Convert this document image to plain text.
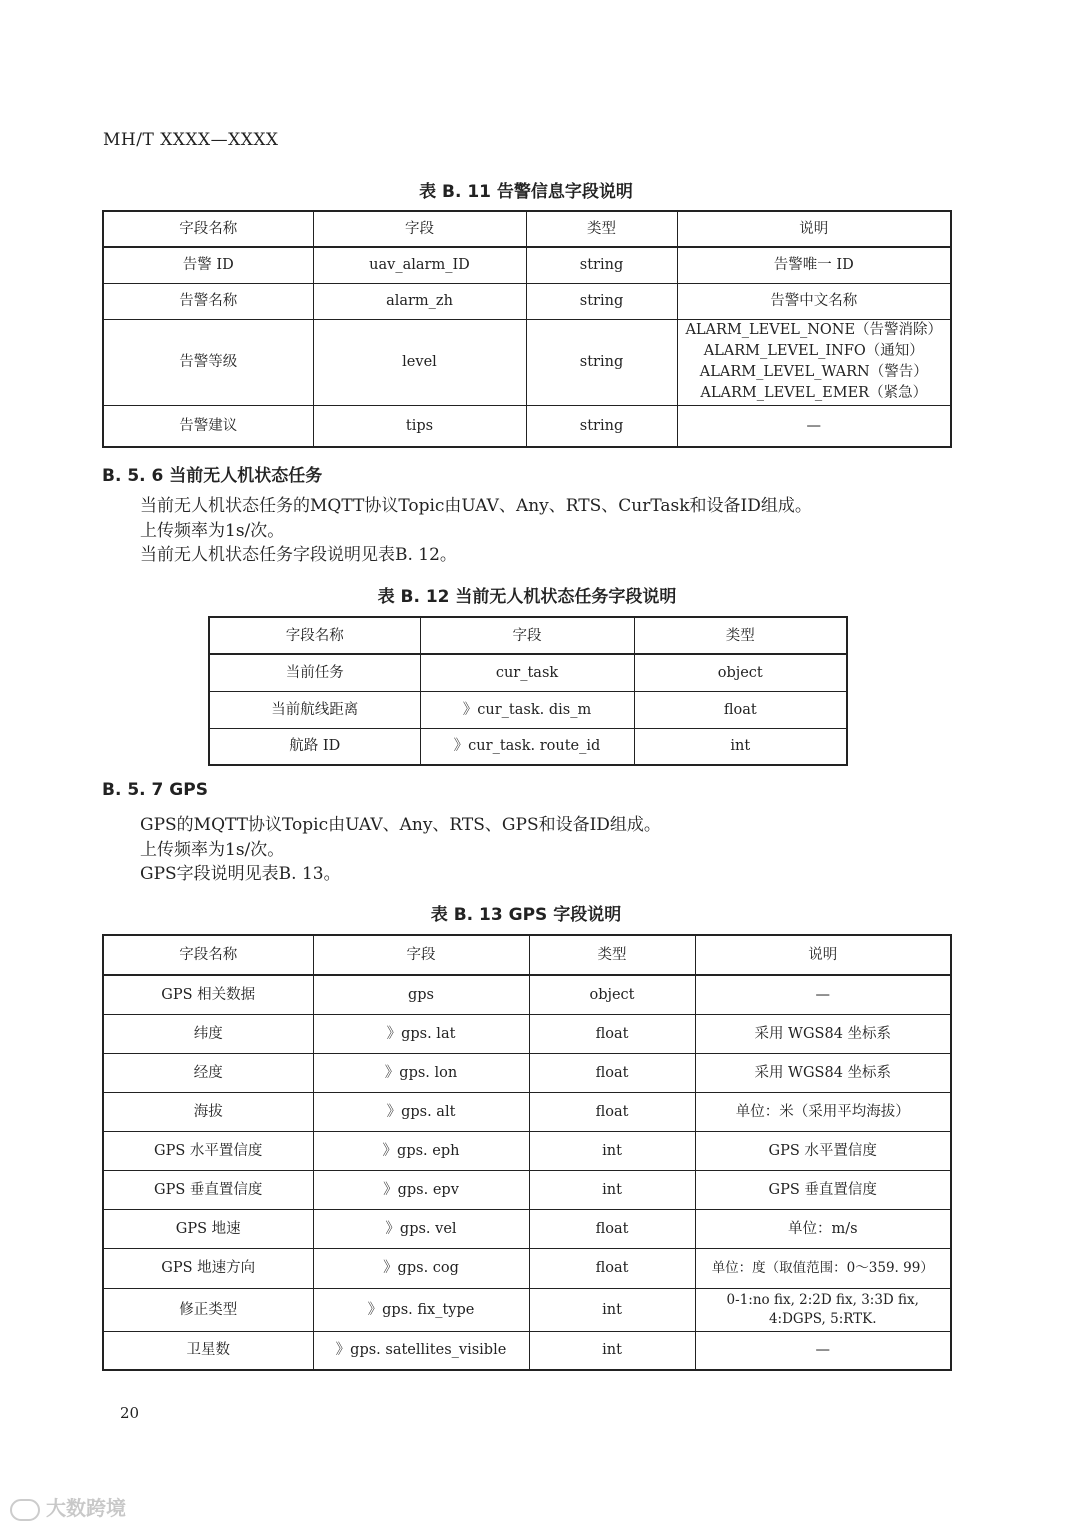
MH/T XXXX—XXXX
表 B. 11 告警信息字段说明
字段名称	字段	类型	说明
告警 ID	uav_alarm_ID	string	告警唯一 ID
告警名称	alarm_zh	string	告警中文名称
告警等级	level	string	ALARM_LEVEL_NONE（告警消除）
ALARM_LEVEL_INFO（通知）
ALARM_LEVEL_WARN（警告）
ALARM_LEVEL_EMER（紧急）

告警建议	tips	string	—
B. 5. 6 当前无人机状态任务
当前无人机状态任务的MQTT协议Topic由UAV、Any、RTS、CurTask和设备ID组成。
上传频率为1s/次。
当前无人机状态任务字段说明见表B. 12。
表 B. 12 当前无人机状态任务字段说明
字段名称	字段	类型
当前任务	cur_task	object
当前航线距离	》cur_task. dis_m	float
航路 ID	》cur_task. route_id	int
B. 5. 7 GPS
GPS的MQTT协议Topic由UAV、Any、RTS、GPS和设备ID组成。
上传频率为1s/次。
GPS字段说明见表B. 13。
表 B. 13 GPS 字段说明
字段名称	字段	类型	说明
GPS 相关数据	gps	object	—
纬度	》gps. lat	float	采用 WGS84 坐标系
经度	》gps. lon	float	采用 WGS84 坐标系
海拔	》gps. alt	float	单位：米（采用平均海拔）
GPS 水平置信度	》gps. eph	int	GPS 水平置信度
GPS 垂直置信度	》gps. epv	int	GPS 垂直置信度
GPS 地速	》gps. vel	float	单位：m/s
GPS 地速方向	》gps. cog	float	单位：度（取值范围：0～359. 99）
修正类型	》gps. fix_type	int	0-1:no fix, 2:2D fix, 3:3D fix,
4:DGPS, 5:RTK.

卫星数	》gps. satellites_visible	int	—
20
大数跨境
